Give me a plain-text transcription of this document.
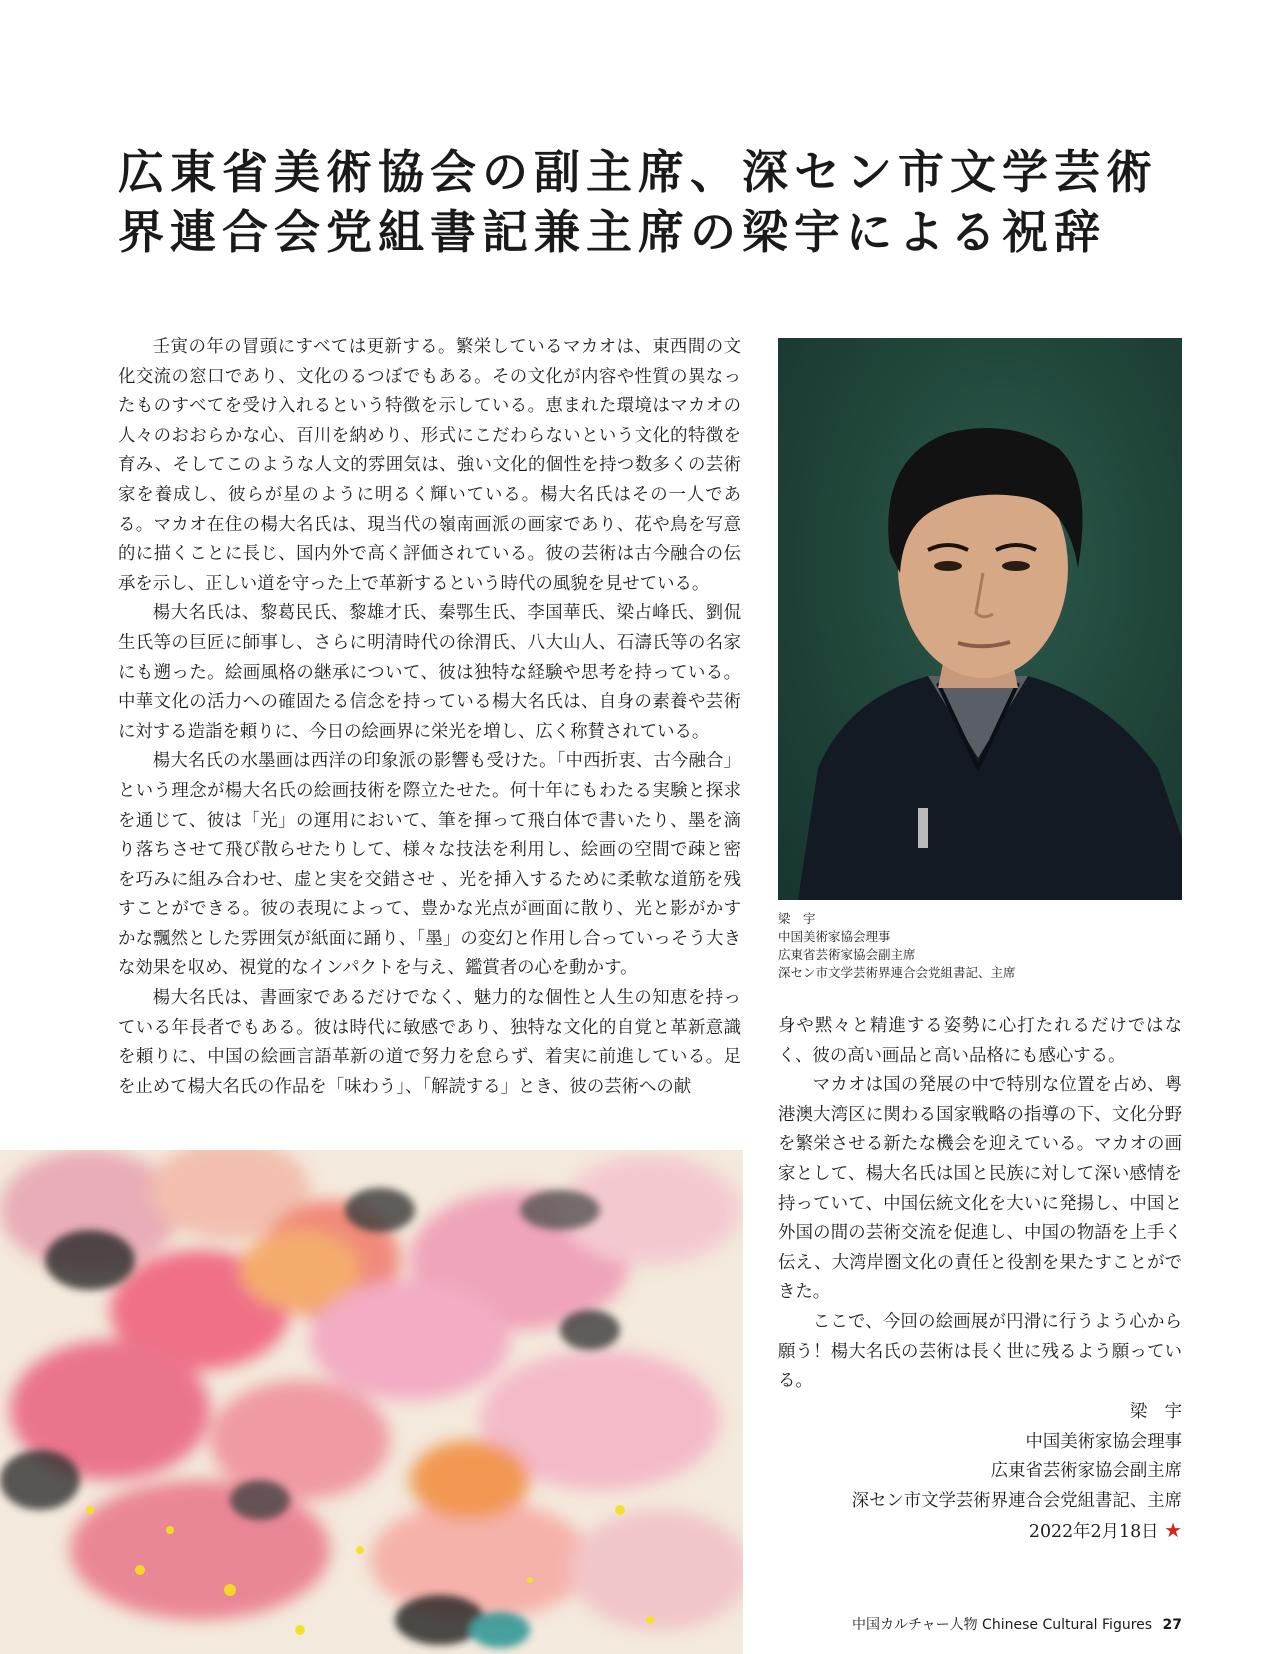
広東省美術協会の副主席、深セン市文学芸術
界連合会党組書記兼主席の梁宇による祝辞

壬寅の年の冒頭にすべては更新する。繁栄しているマカオは、東西間の文化交流の窓口であり、文化のるつぼでもある。その文化が内容や性質の異なったものすべてを受け入れるという特徴を示している。恵まれた環境はマカオの人々のおおらかな心、百川を納めり、形式にこだわらないという文化的特徴を育み、そしてこのような人文的雰囲気は、強い文化的個性を持つ数多くの芸術家を養成し、彼らが星のように明るく輝いている。楊大名氏はその一人である。マカオ在住の楊大名氏は、現当代の嶺南画派の画家であり、花や鳥を写意的に描くことに長じ、国内外で高く評価されている。彼の芸術は古今融合の伝承を示し、正しい道を守った上で革新するという時代の風貌を見せている。

楊大名氏は、黎葛民氏、黎雄才氏、秦鄂生氏、李国華氏、梁占峰氏、劉侃生氏等の巨匠に師事し、さらに明清時代の徐渭氏、八大山人、石濤氏等の名家にも遡った。絵画風格の継承について、彼は独特な経験や思考を持っている。中華文化の活力への確固たる信念を持っている楊大名氏は、自身の素養や芸術に対する造詣を頼りに、今日の絵画界に栄光を増し、広く称賛されている。

楊大名氏の水墨画は西洋の印象派の影響も受けた。「中西折衷、古今融合」という理念が楊大名氏の絵画技術を際立たせた。何十年にもわたる実験と探求を通じて、彼は「光」の運用において、筆を揮って飛白体で書いたり、墨を滴り落ちさせて飛び散らせたりして、様々な技法を利用し、絵画の空間で疎と密を巧みに組み合わせ、虚と実を交錯させ 、光を挿入するために柔軟な道筋を残すことができる。彼の表現によって、豊かな光点が画面に散り、光と影がかすかな飄然とした雰囲気が紙面に踊り、「墨」の変幻と作用し合っていっそう大きな効果を収め、視覚的なインパクトを与え、鑑賞者の心を動かす。

楊大名氏は、書画家であるだけでなく、魅力的な個性と人生の知恵を持っている年長者でもある。彼は時代に敏感であり、独特な文化的自覚と革新意識を頼りに、中国の絵画言語革新の道で努力を怠らず、着実に前進している。足を止めて楊大名氏の作品を「味わう」、「解読する」とき、彼の芸術への献

梁　宇
中国美術家協会理事
広東省芸術家協会副主席
深セン市文学芸術界連合会党組書記、主席

身や黙々と精進する姿勢に心打たれるだけではなく、彼の高い画品と高い品格にも感心する。

マカオは国の発展の中で特別な位置を占め、粤港澳大湾区に関わる国家戦略の指導の下、文化分野を繁栄させる新たな機会を迎えている。マカオの画家として、楊大名氏は国と民族に対して深い感情を持っていて、中国伝統文化を大いに発揚し、中国と外国の間の芸術交流を促進し、中国の物語を上手く伝え、大湾岸圏文化の責任と役割を果たすことができた。

ここで、今回の絵画展が円滑に行うよう心から願う！楊大名氏の芸術は長く世に残るよう願っている。

梁　宇
中国美術家協会理事
広東省芸術家協会副主席
深セン市文学芸術界連合会党組書記、主席
2022年2月18日 ★
中国カルチャー人物 Chinese Cultural Figures 27
